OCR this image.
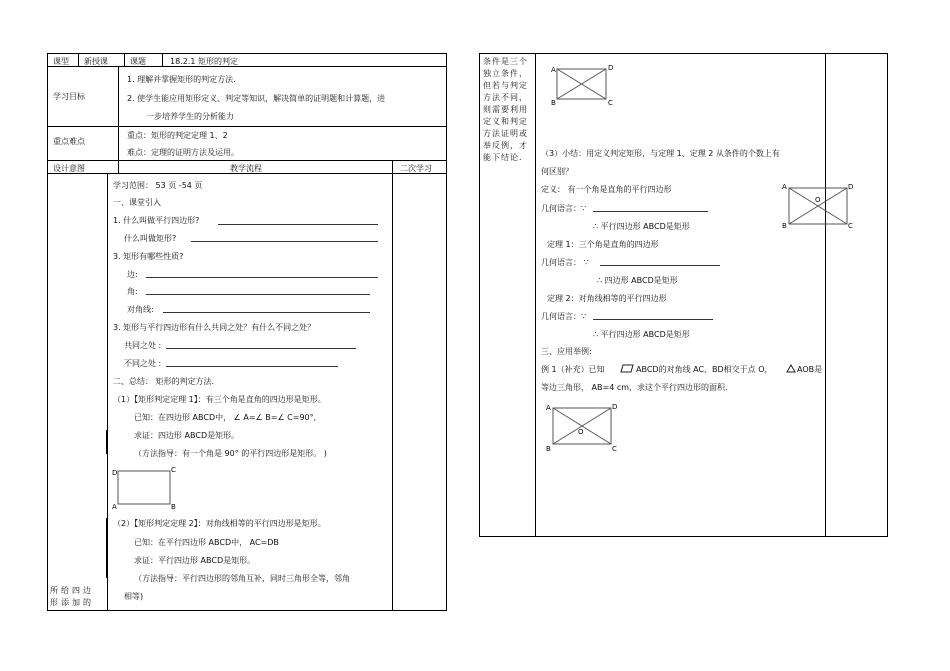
课型 新授课	课题	18.2.1 矩形的判定
学习目标
1. 理解并掌握矩形的判定方法.
2. 使学生能应用矩形定义、判定等知识，解决简单的证明题和计算题，进
一步培养学生的分析能力
重点难点
重点：矩形的判定定理 1、2
难点：定理的证明方法及运用。
设计意图	教学流程	二次学习
学习范围： 53 页 -54 页
一、课堂引入
1. 什么叫做平行四边形?
什么叫做矩形?
3. 矩形有哪些性质?
边:
角:
对角线:
3. 矩形与平行四边形有什么共同之处？有什么不同之处？
共同之处 :
不同之处 :
二、总结： 矩形的判定方法.
（1）【矩形判定定理 1】：有三个角是直角的四边形是矩形。
已知：在四边形 ABCD中， ∠ A=∠ B=∠ C=90°,
求证：四边形 ABCD是矩形。
（方法指导：有一个角是 90° 的平行四边形是矩形。 )
D	C
A	B
（2）【矩形判定定理 2】：对角线相等的平行四边形是矩形。
已知：在平行四边形 ABCD中， AC=DB
求证：平行四边形 ABCD是矩形。
（方法指导：平行四边形的邻角互补，同时三角形全等，邻角
相等)
所给四边形添加的
条件是三个独立条件，但若与判定方法不同，则需要利用定义和判定方法证明或举反例，才能下结论.
A	D
B	C
（3）小结：用定义判定矩形，与定理 1、定理 2 从条件的个数上有
何区别？
定义： 有一个角是直角的平行四边形
几何语言：∵
∴ 平行四边形 ABCD是矩形
定理 1：三个角是直角的四边形
几何语言： ∵
∴ 四边形 ABCD是矩形
定理 2：对角线相等的平行四边形
几何语言：∵
∴ 平行四边形 ABCD是矩形
三、应用举例:
例 1（补充）已知	ABCD的对角线 AC、BD相交于点 O，	AOB是
等边三角形， AB=4 cm，求这个平行四边形的面积.
A	D
B	C
O
A	D
B	C
O
